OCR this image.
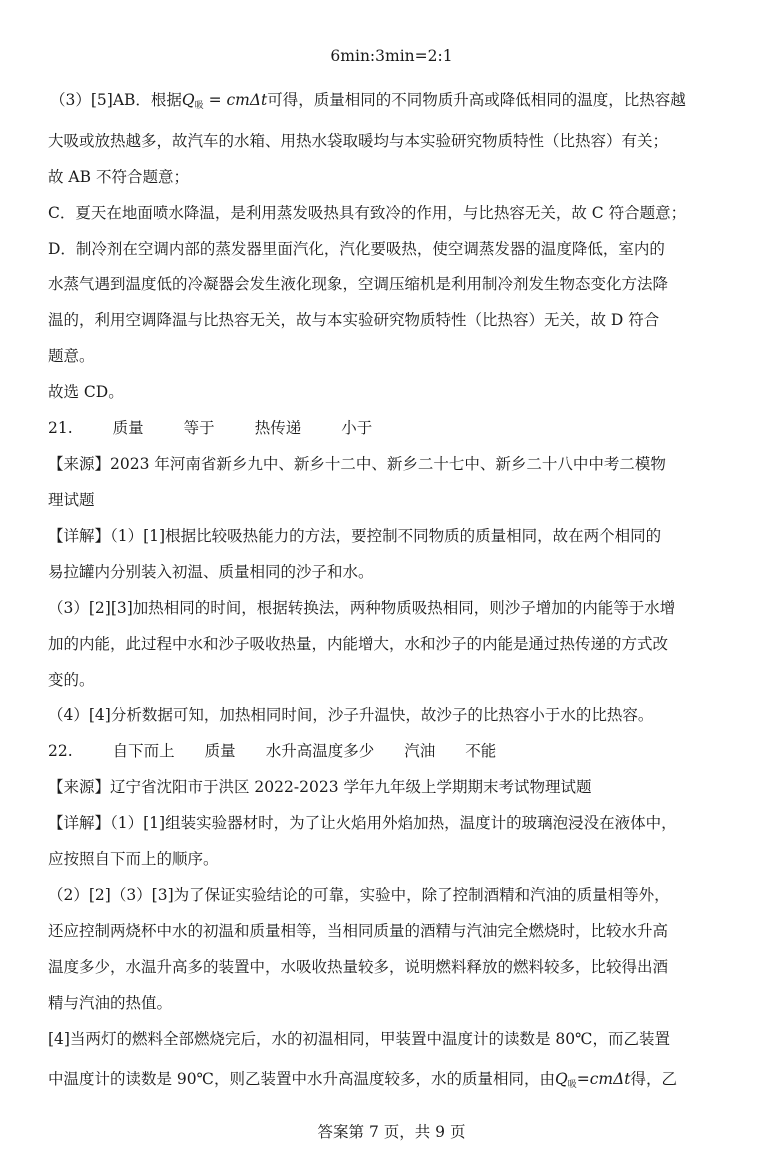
6min:3min=2:1
（3）[5]AB．根据$Q_吸 = cm\Delta t$可得，质量相同的不同物质升高或降低相同的温度，比热容越
大吸或放热越多，故汽车的水箱、用热水袋取暖均与本实验研究物质特性（比热容）有关；
故 AB 不符合题意；
C．夏天在地面喷水降温，是利用蒸发吸热具有致冷的作用，与比热容无关，故 C 符合题意；
D．制冷剂在空调内部的蒸发器里面汽化，汽化要吸热，使空调蒸发器的温度降低，室内的
水蒸气遇到温度低的冷凝器会发生液化现象，空调压缩机是利用制冷剂发生物态变化方法降
温的，利用空调降温与比热容无关，故与本实验研究物质特性（比热容）无关，故 D 符合
题意。
故选 CD。
21.	质量	等于	热传递	小于
【来源】2023 年河南省新乡九中、新乡十二中、新乡二十七中、新乡二十八中中考二模物
理试题
【详解】（1）[1]根据比较吸热能力的方法，要控制不同物质的质量相同，故在两个相同的
易拉罐内分别装入初温、质量相同的沙子和水。
（3）[2][3]加热相同的时间，根据转换法，两种物质吸热相同，则沙子增加的内能等于水增
加的内能，此过程中水和沙子吸收热量，内能增大，水和沙子的内能是通过热传递的方式改
变的。
（4）[4]分析数据可知，加热相同时间，沙子升温快，故沙子的比热容小于水的比热容。
22.	自下而上 质量 水升高温度多少 汽油 不能
【来源】辽宁省沈阳市于洪区 2022-2023 学年九年级上学期期末考试物理试题
【详解】（1）[1]组装实验器材时，为了让火焰用外焰加热，温度计的玻璃泡浸没在液体中，
应按照自下而上的顺序。
（2）[2]（3）[3]为了保证实验结论的可靠，实验中，除了控制酒精和汽油的质量相等外，
还应控制两烧杯中水的初温和质量相等，当相同质量的酒精与汽油完全燃烧时，比较水升高
温度多少，水温升高多的装置中，水吸收热量较多，说明燃料释放的燃料较多，比较得出酒
精与汽油的热值。
[4]当两灯的燃料全部燃烧完后，水的初温相同，甲装置中温度计的读数是 80℃，而乙装置
中温度计的读数是 90℃，则乙装置中水升高温度较多，水的质量相同，由$Q_吸=cm\Delta t$得，乙
答案第 7 页，共 9 页
